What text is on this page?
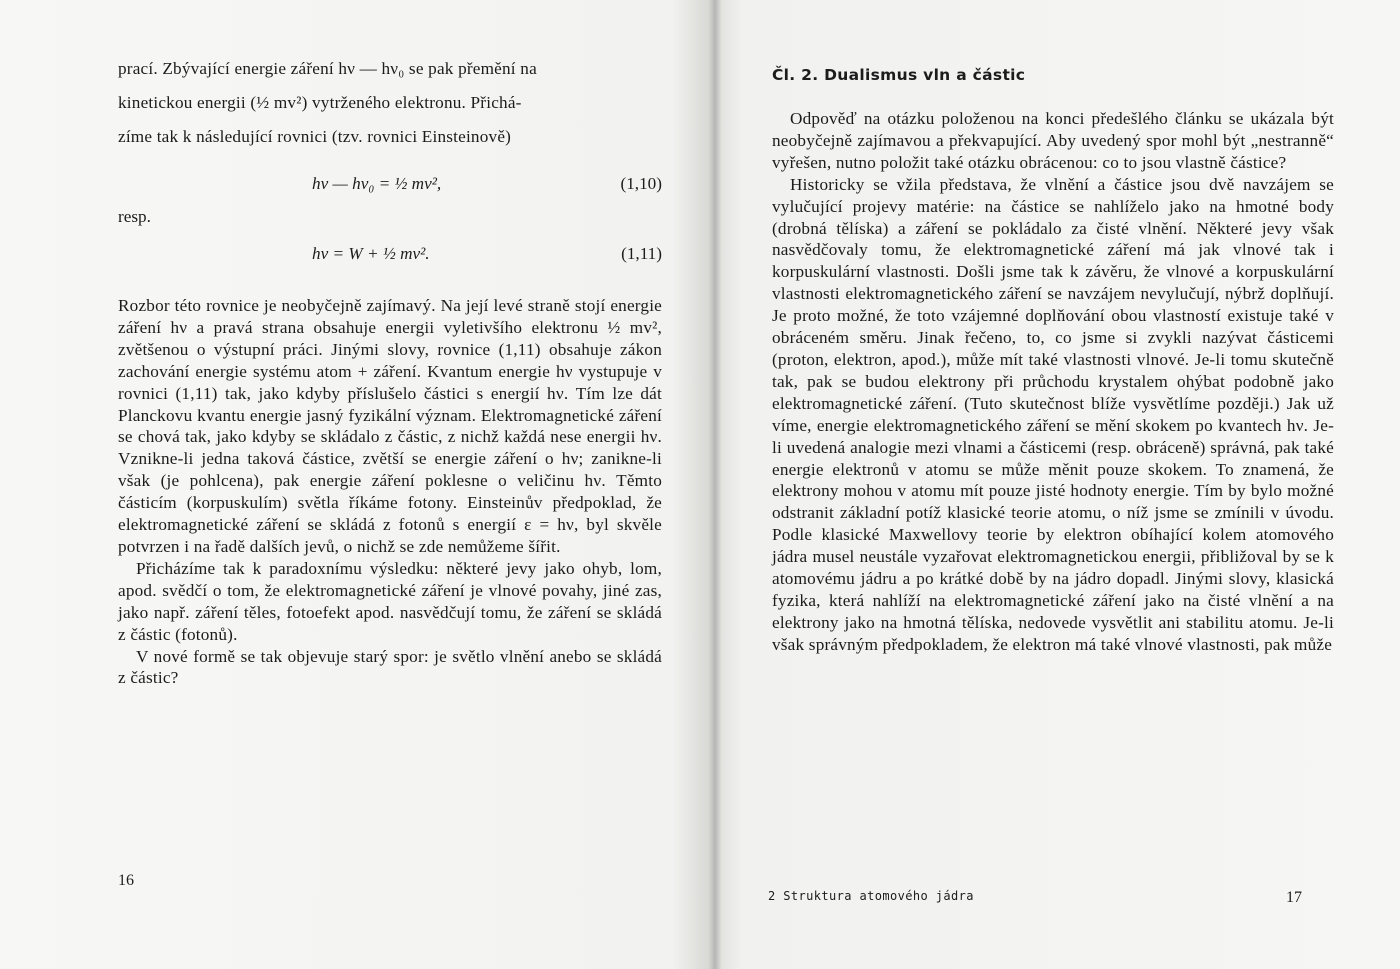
prací. Zbývající energie záření hν — hν₀ se pak přemění na

kinetickou energii (½ mv²) vytrženého elektronu. Přichá-

zíme tak k následující rovnici (tzv. rovnici Einsteinově)

hν — hν₀ = ½ mv²,	(1,10)
resp.
hν = W + ½ mv².	(1,11)

Rozbor této rovnice je neobyčejně zajímavý. Na její levé straně stojí energie záření hν a pravá strana obsahuje energii vyletivšího elektronu ½ mv², zvětšenou o výstupní práci. Jinými slovy, rovnice (1,11) obsahuje zákon zachování energie systému atom + záření. Kvantum energie hν vystupuje v rovnici (1,11) tak, jako kdyby příslušelo částici s energií hν. Tím lze dát Planckovu kvantu energie jasný fyzikální význam. Elektromagnetické záření se chová tak, jako kdyby se skládalo z částic, z nichž každá nese energii hν. Vznikne-li jedna taková částice, zvětší se energie záření o hν; zanikne-li však (je pohlcena), pak energie záření poklesne o veličinu hν. Těmto částicím (korpuskulím) světla říkáme fotony. Einsteinův předpoklad, že elektromagnetické záření se skládá z fotonů s energií ε = hν, byl skvěle potvrzen i na řadě dalších jevů, o nichž se zde nemůžeme šířit.

Přicházíme tak k paradoxnímu výsledku: některé jevy jako ohyb, lom, apod. svědčí o tom, že elektromagnetické záření je vlnové povahy, jiné zas, jako např. záření těles, fotoefekt apod. nasvědčují tomu, že záření se skládá z částic (fotonů).

V nové formě se tak objevuje starý spor: je světlo vlnění anebo se skládá z částic?

16
Čl. 2. Dualismus vln a částic

Odpověď na otázku položenou na konci předešlého článku se ukázala být neobyčejně zajímavou a překvapující. Aby uvedený spor mohl být „nestranně“ vyřešen, nutno položit také otázku obrácenou: co to jsou vlastně částice?

Historicky se vžila představa, že vlnění a částice jsou dvě navzájem se vylučující projevy matérie: na částice se nahlíželo jako na hmotné body (drobná tělíska) a záření se pokládalo za čisté vlnění. Některé jevy však nasvědčovaly tomu, že elektromagnetické záření má jak vlnové tak i korpuskulární vlastnosti. Došli jsme tak k závěru, že vlnové a korpuskulární vlastnosti elektromagnetického záření se navzájem nevylučují, nýbrž doplňují. Je proto možné, že toto vzájemné doplňování obou vlastností existuje také v obráceném směru. Jinak řečeno, to, co jsme si zvykli nazývat částicemi (proton, elektron, apod.), může mít také vlastnosti vlnové. Je-li tomu skutečně tak, pak se budou elektrony při průchodu krystalem ohýbat podobně jako elektromagnetické záření. (Tuto skutečnost blíže vysvětlíme později.) Jak už víme, energie elektromagnetického záření se mění skokem po kvantech hν. Je-li uvedená analogie mezi vlnami a částicemi (resp. obráceně) správná, pak také energie elektronů v atomu se může měnit pouze skokem. To znamená, že elektrony mohou v atomu mít pouze jisté hodnoty energie. Tím by bylo možné odstranit základní potíž klasické teorie atomu, o níž jsme se zmínili v úvodu. Podle klasické Maxwellovy teorie by elektron obíhající kolem atomového jádra musel neustále vyzařovat elektromagnetickou energii, přibližoval by se k atomovému jádru a po krátké době by na jádro dopadl. Jinými slovy, klasická fyzika, která nahlíží na elektromagnetické záření jako na čisté vlnění a na elektrony jako na hmotná tělíska, nedovede vysvětlit ani stabilitu atomu. Je-li však správným předpokladem, že elektron má také vlnové vlastnosti, pak může

2 Struktura atomového jádra	17
